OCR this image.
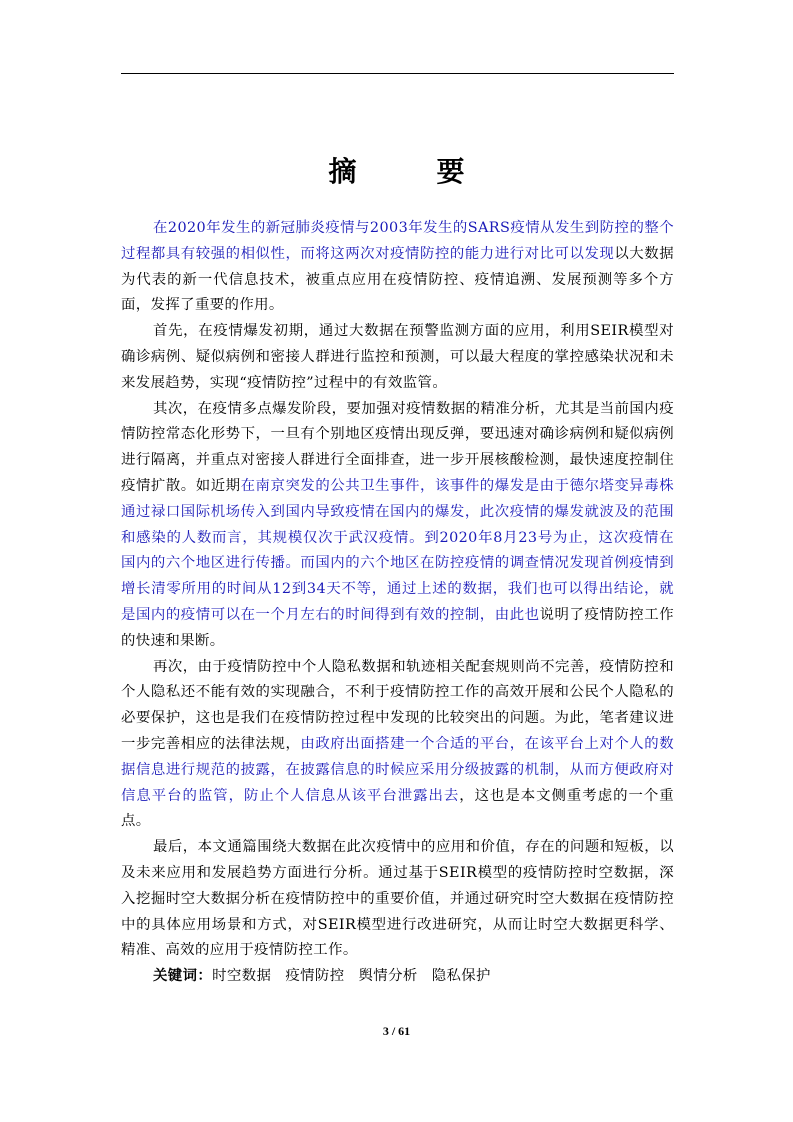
摘　要

在2020年发生的新冠肺炎疫情与2003年发生的SARS疫情从发生到防控的整个过程都具有较强的相似性，而将这两次对疫情防控的能力进行对比可以发现以大数据为代表的新一代信息技术，被重点应用在疫情防控、疫情追溯、发展预测等多个方面，发挥了重要的作用。

首先，在疫情爆发初期，通过大数据在预警监测方面的应用，利用SEIR模型对确诊病例、疑似病例和密接人群进行监控和预测，可以最大程度的掌控感染状况和未来发展趋势，实现“疫情防控”过程中的有效监管。

其次，在疫情多点爆发阶段，要加强对疫情数据的精准分析，尤其是当前国内疫情防控常态化形势下，一旦有个别地区疫情出现反弹，要迅速对确诊病例和疑似病例进行隔离，并重点对密接人群进行全面排查，进一步开展核酸检测，最快速度控制住疫情扩散。如近期在南京突发的公共卫生事件，该事件的爆发是由于德尔塔变异毒株通过禄口国际机场传入到国内导致疫情在国内的爆发，此次疫情的爆发就波及的范围和感染的人数而言，其规模仅次于武汉疫情。到2020年8月23号为止，这次疫情在国内的六个地区进行传播。而国内的六个地区在防控疫情的调查情况发现首例疫情到增长清零所用的时间从12到34天不等，通过上述的数据，我们也可以得出结论，就是国内的疫情可以在一个月左右的时间得到有效的控制，由此也说明了疫情防控工作的快速和果断。

再次，由于疫情防控中个人隐私数据和轨迹相关配套规则尚不完善，疫情防控和个人隐私还不能有效的实现融合，不利于疫情防控工作的高效开展和公民个人隐私的必要保护，这也是我们在疫情防控过程中发现的比较突出的问题。为此，笔者建议进一步完善相应的法律法规，由政府出面搭建一个合适的平台，在该平台上对个人的数据信息进行规范的披露，在披露信息的时候应采用分级披露的机制，从而方便政府对信息平台的监管，防止个人信息从该平台泄露出去，这也是本文侧重考虑的一个重点。

最后，本文通篇围绕大数据在此次疫情中的应用和价值，存在的问题和短板，以及未来应用和发展趋势方面进行分析。通过基于SEIR模型的疫情防控时空数据，深入挖掘时空大数据分析在疫情防控中的重要价值，并通过研究时空大数据在疫情防控中的具体应用场景和方式，对SEIR模型进行改进研究，从而让时空大数据更科学、精准、高效的应用于疫情防控工作。

关键词：时空数据 疫情防控 舆情分析 隐私保护

3 / 61
